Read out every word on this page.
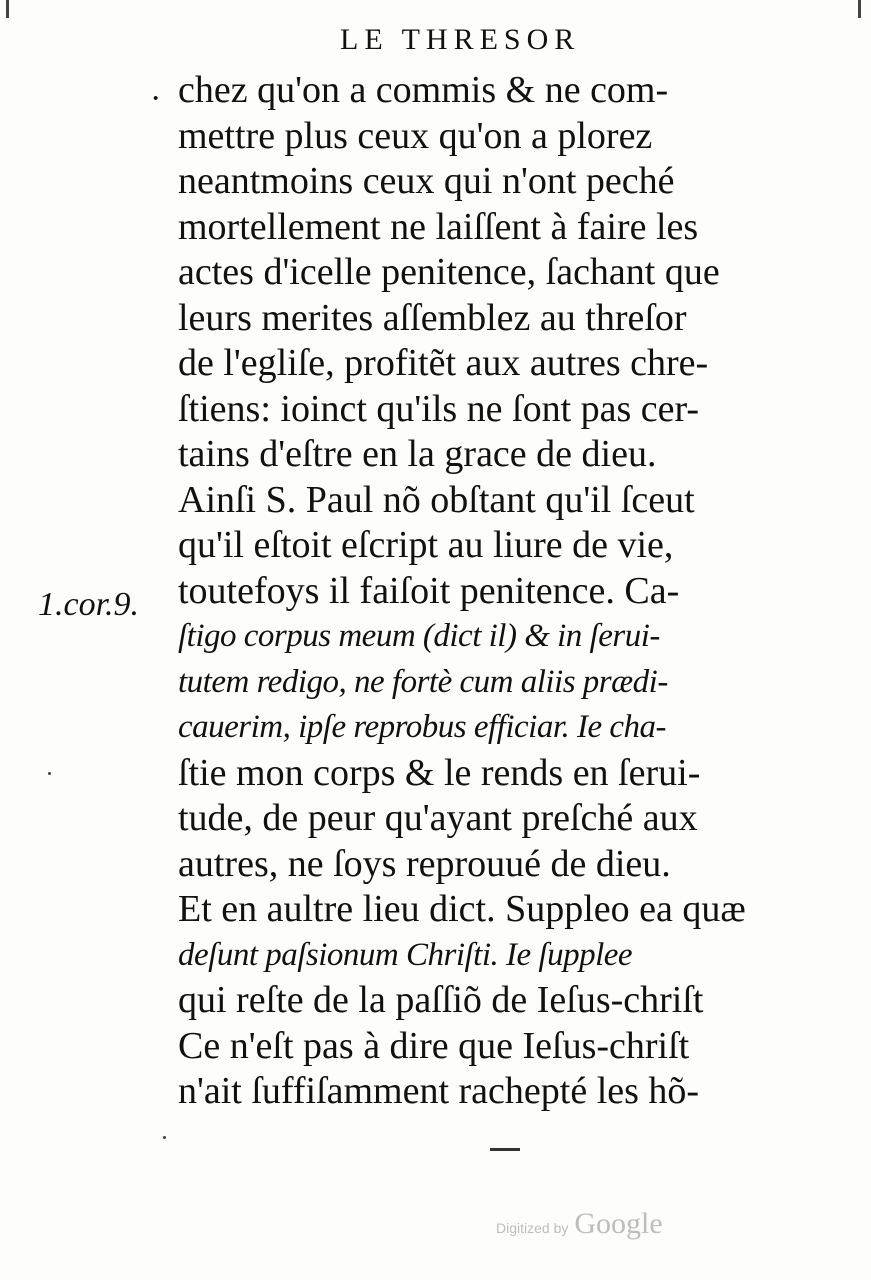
LE THRESOR
·
1.cor.9.
chez qu'on a commis & ne com-
mettre plus ceux qu'on a plorez
neantmoins ceux qui n'ont peché
mortellement ne laiſſent à faire les
actes d'icelle penitence, ſachant que
leurs merites aſſemblez au threſor
de l'egliſe, profitẽt aux autres chre-
ſtiens: ioinct qu'ils ne ſont pas cer-
tains d'eſtre en la grace de dieu.
Ainſi S. Paul nõ obſtant qu'il ſceut
qu'il eſtoit eſcript au liure de vie,
toutefoys il faiſoit penitence. Ca-
ſtigo corpus meum (dict il) & in ſerui-
tutem redigo, ne fortè cum aliis prædi-
cauerim, ipſe reprobus efficiar. Ie cha-
ſtie mon corps & le rends en ſerui-
tude, de peur qu'ayant preſché aux
autres, ne ſoys reprouué de dieu.
Et en aultre lieu dict. Suppleo ea quæ
deſunt paſsionum Chriſti. Ie ſupplee
qui reſte de la paſſiõ de Ieſus-chriſt
Ce n'eſt pas à dire que Ieſus-chriſt
n'ait ſuffiſamment rachepté les hõ-
Digitized by Google
